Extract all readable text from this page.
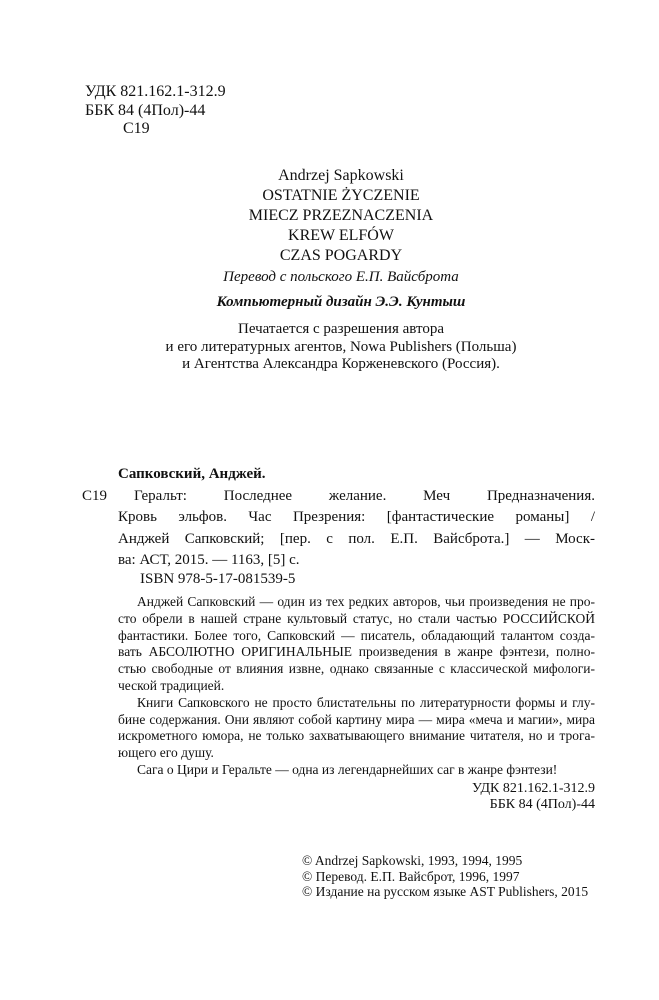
УДК 821.162.1-312.9
ББК 84 (4Пол)-44
С19
Andrzej Sapkowski
OSTATNIE ŻYCZENIE
MIECZ PRZEZNACZENIA
KREW ELFÓW
CZAS POGARDY
Перевод с польского Е.П. Вайсброта
Компьютерный дизайн Э.Э. Кунтыш
Печатается с разрешения автора
и его литературных агентов, Nowa Publishers (Польша)
и Агентства Александра Корженевского (Россия).
С19
Сапковский, Анджей.
Геральт: Последнее желание. Меч Предназначения.
Кровь эльфов. Час Презрения: [фантастические романы] /
Анджей Сапковский; [пер. с пол. Е.П. Вайсброта.] — Моск-
ва: АСТ, 2015. — 1163, [5] с.
ISBN 978-5-17-081539-5
Анджей Сапковский — один из тех редких авторов, чьи произведения не про-
сто обрели в нашей стране культовый статус, но стали частью РОССИЙСКОЙ
фантастики. Более того, Сапковский — писатель, обладающий талантом созда-
вать АБСОЛЮТНО ОРИГИНАЛЬНЫЕ произведения в жанре фэнтези, полно-
стью свободные от влияния извне, однако связанные с классической мифологи-
ческой традицией.
Книги Сапковского не просто блистательны по литературности формы и глу-
бине содержания. Они являют собой картину мира — мира «меча и магии», мира
искрометного юмора, не только захватывающего внимание читателя, но и трога-
ющего его душу.
Сага о Цири и Геральте — одна из легендарнейших саг в жанре фэнтези!
УДК 821.162.1-312.9
ББК 84 (4Пол)-44
© Andrzej Sapkowski, 1993, 1994, 1995
© Перевод. Е.П. Вайсброт, 1996, 1997
© Издание на русском языке AST Publishers, 2015
